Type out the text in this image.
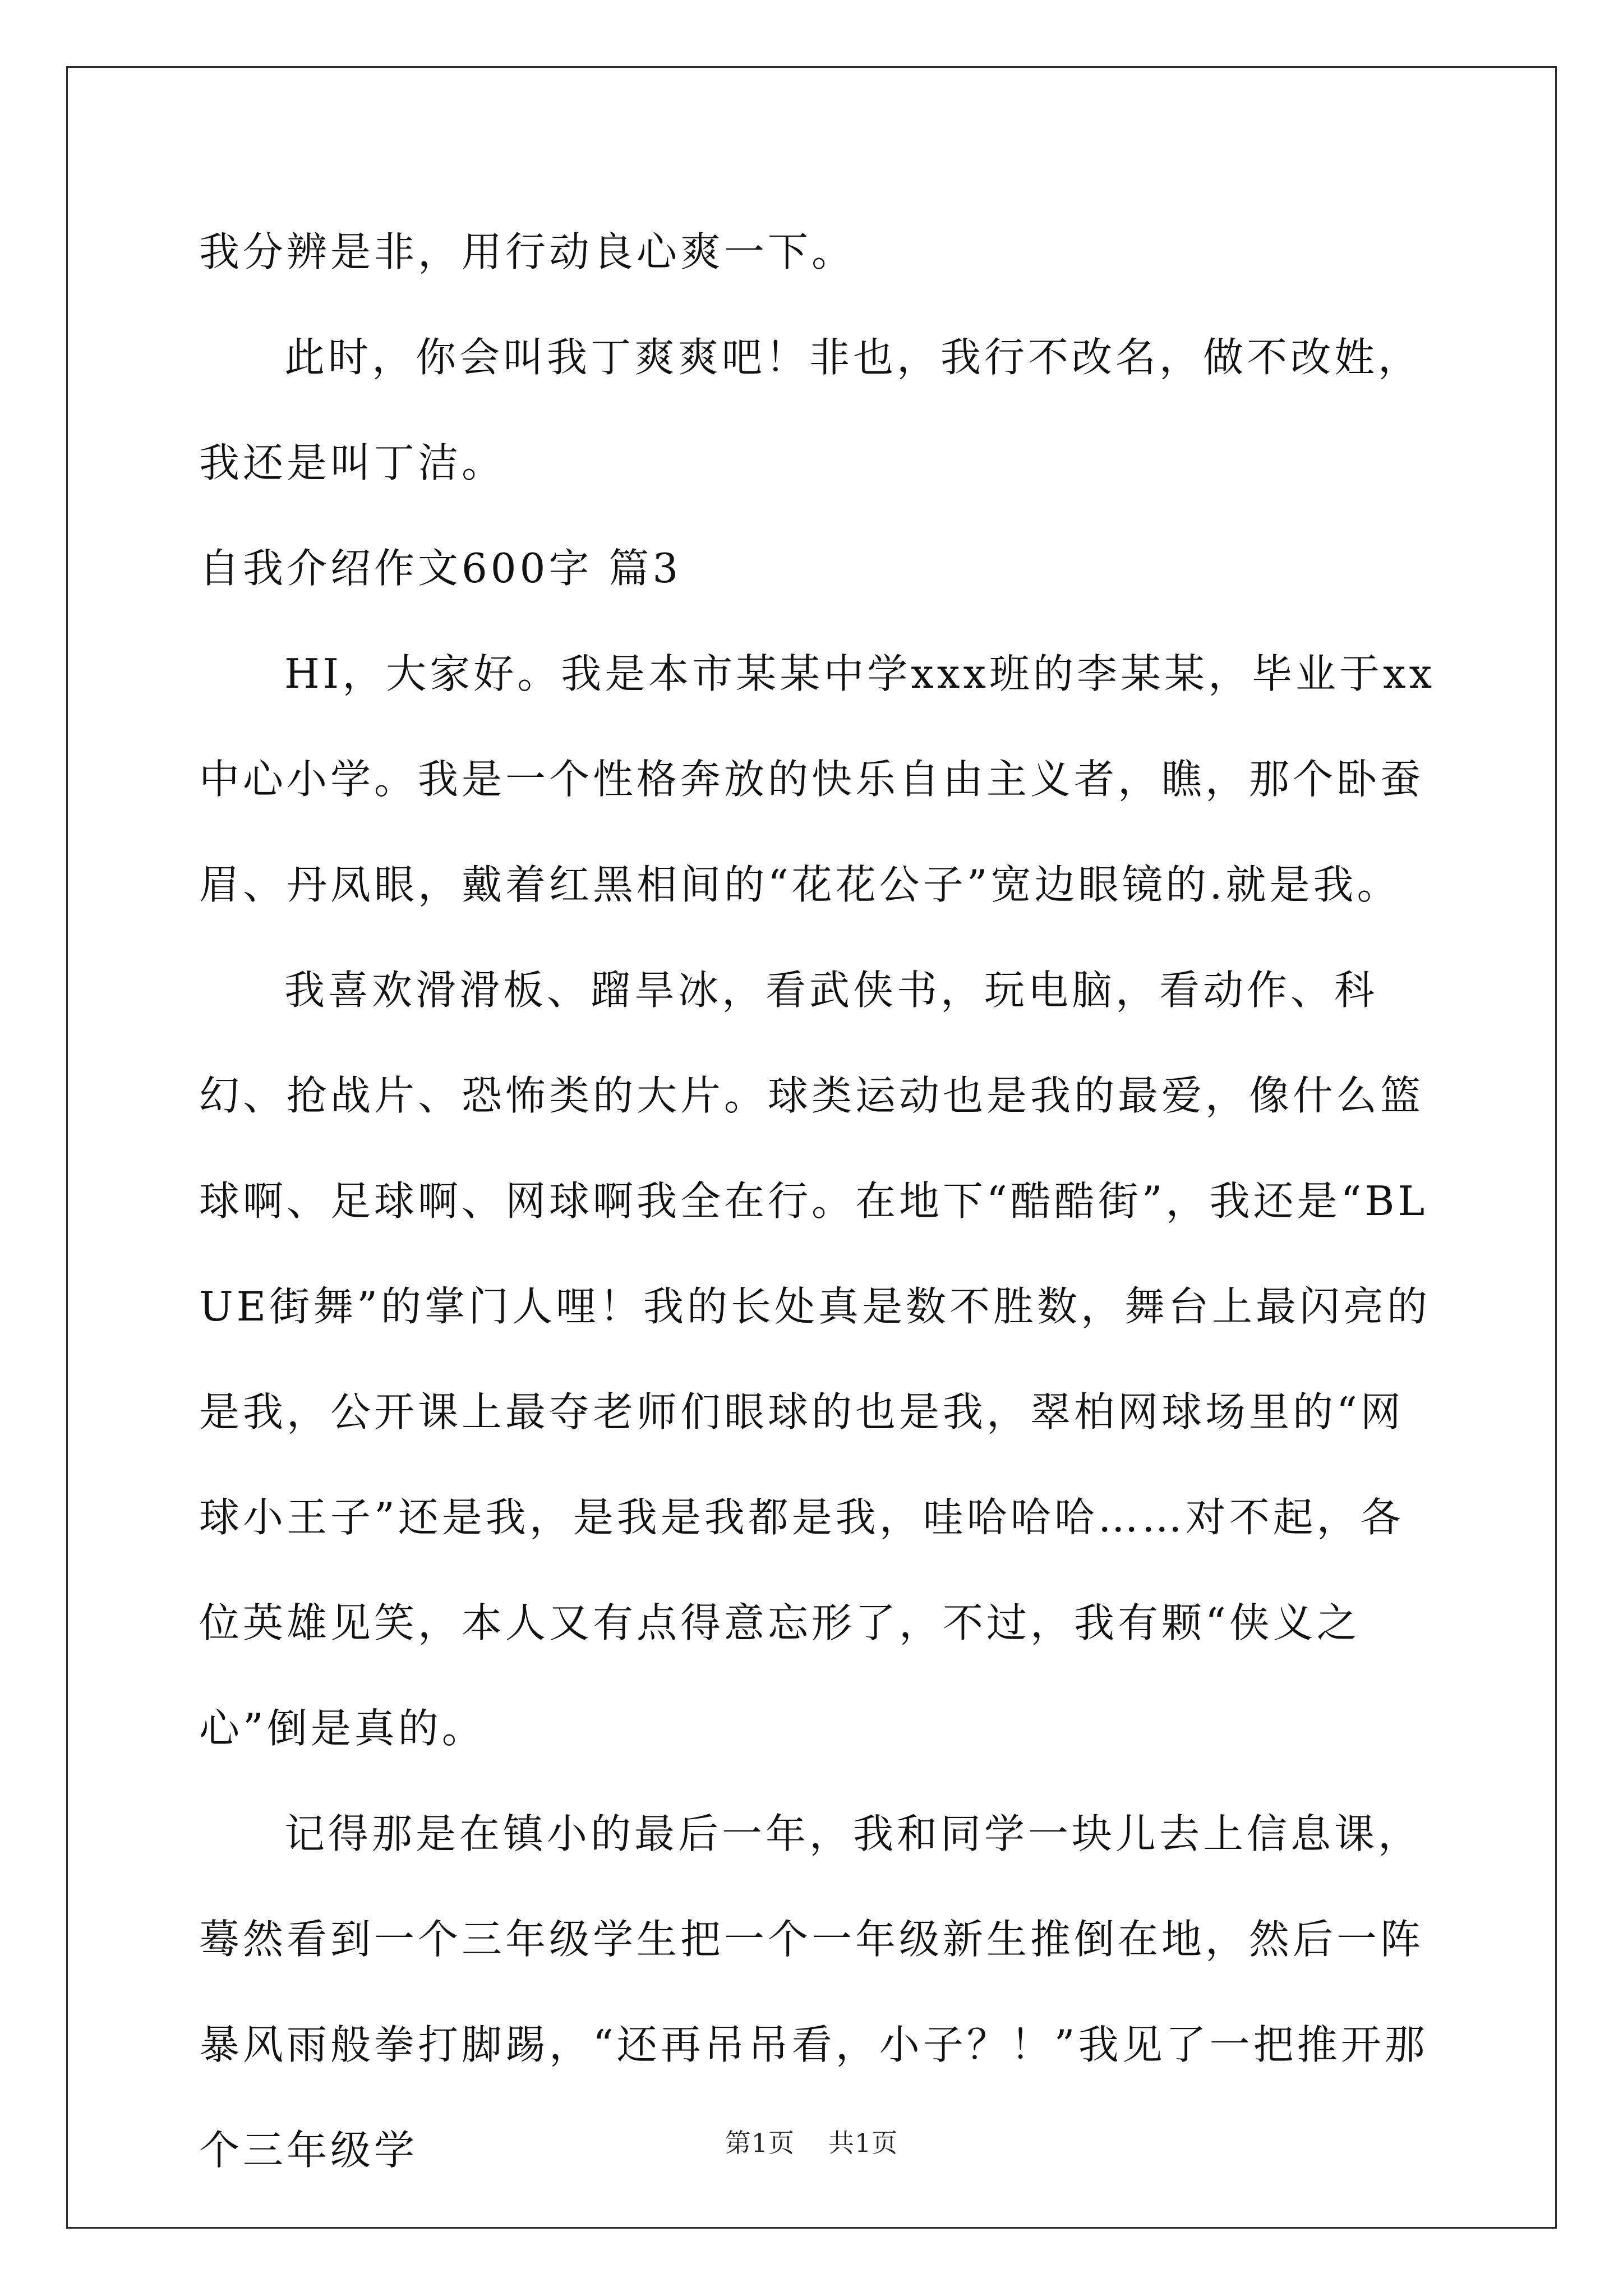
我分辨是非，用行动良心爽一下。

此时，你会叫我丁爽爽吧！非也，我行不改名，做不改姓，我还是叫丁洁。

自我介绍作文600字 篇3

HI，大家好。我是本市某某中学xxx班的李某某，毕业于xx中心小学。我是一个性格奔放的快乐自由主义者，瞧，那个卧蚕眉、丹凤眼，戴着红黑相间的“花花公子”宽边眼镜的.就是我。

我喜欢滑滑板、蹓旱冰，看武侠书，玩电脑，看动作、科幻、抢战片、恐怖类的大片。球类运动也是我的最爱，像什么篮球啊、足球啊、网球啊我全在行。在地下“酷酷街”，我还是“BLUE街舞”的掌门人哩！我的长处真是数不胜数，舞台上最闪亮的是我，公开课上最夺老师们眼球的也是我，翠柏网球场里的“网球小王子”还是我，是我是我都是我，哇哈哈哈……对不起，各位英雄见笑，本人又有点得意忘形了，不过，我有颗“侠义之心”倒是真的。

记得那是在镇小的最后一年，我和同学一块儿去上信息课，蓦然看到一个三年级学生把一个一年级新生推倒在地，然后一阵暴风雨般拳打脚踢，“还再吊吊看，小子？！”我见了一把推开那个三年级学	第1页 共1页
